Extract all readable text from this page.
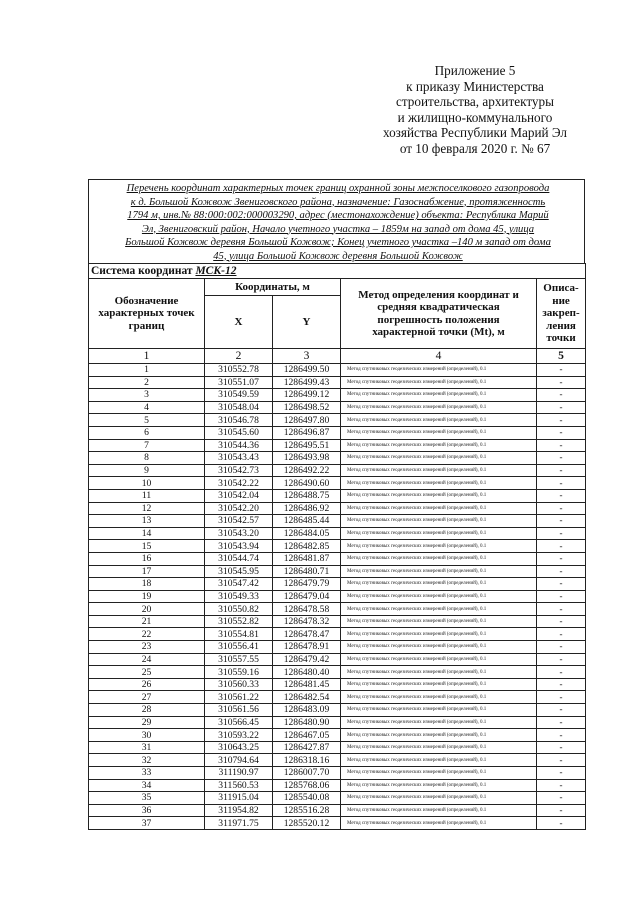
Приложение 5
к приказу Министерства
строительства, архитектуры
и жилищно-коммунального
хозяйства Республики Марий Эл
от 10 февраля 2020 г. № 67
Перечень координат характерных точек границ охранной зоны межпоселкового газопровода
к д. Большой Кожвож Звениговского района, назначение: Газоснабжение, протяженность
1794 м, инв.№ 88:000:002:000003290, адрес (местонахождение) объекта: Республика Марий
Эл, Звениговский район, Начало учетного участка – 1859м на запад от дома 45, улица
Большой Кожвож деревня Большой Кожвож; Конец учетного участка –140 м запад от дома
45, улица Большой Кожвож деревня Большой Кожвож
Система координат МСК-12				
Обозначение характерных точек границ	Координаты, м		Метод определения координат и средняя квадратическая погрешность положения характерной точки (Mt), м	Описа-ние закреп-ления точки
	X	Y		
1	2	3	4	5
1	310552.78	1286499.50	Метод спутниковых геодезических измерений (определений), 0.1	-
2	310551.07	1286499.43	Метод спутниковых геодезических измерений (определений), 0.1	-
3	310549.59	1286499.12	Метод спутниковых геодезических измерений (определений), 0.1	-
4	310548.04	1286498.52	Метод спутниковых геодезических измерений (определений), 0.1	-
5	310546.78	1286497.80	Метод спутниковых геодезических измерений (определений), 0.1	-
6	310545.60	1286496.87	Метод спутниковых геодезических измерений (определений), 0.1	-
7	310544.36	1286495.51	Метод спутниковых геодезических измерений (определений), 0.1	-
8	310543.43	1286493.98	Метод спутниковых геодезических измерений (определений), 0.1	-
9	310542.73	1286492.22	Метод спутниковых геодезических измерений (определений), 0.1	-
10	310542.22	1286490.60	Метод спутниковых геодезических измерений (определений), 0.1	-
11	310542.04	1286488.75	Метод спутниковых геодезических измерений (определений), 0.1	-
12	310542.20	1286486.92	Метод спутниковых геодезических измерений (определений), 0.1	-
13	310542.57	1286485.44	Метод спутниковых геодезических измерений (определений), 0.1	-
14	310543.20	1286484.05	Метод спутниковых геодезических измерений (определений), 0.1	-
15	310543.94	1286482.85	Метод спутниковых геодезических измерений (определений), 0.1	-
16	310544.74	1286481.87	Метод спутниковых геодезических измерений (определений), 0.1	-
17	310545.95	1286480.71	Метод спутниковых геодезических измерений (определений), 0.1	-
18	310547.42	1286479.79	Метод спутниковых геодезических измерений (определений), 0.1	-
19	310549.33	1286479.04	Метод спутниковых геодезических измерений (определений), 0.1	-
20	310550.82	1286478.58	Метод спутниковых геодезических измерений (определений), 0.1	-
21	310552.82	1286478.32	Метод спутниковых геодезических измерений (определений), 0.1	-
22	310554.81	1286478.47	Метод спутниковых геодезических измерений (определений), 0.1	-
23	310556.41	1286478.91	Метод спутниковых геодезических измерений (определений), 0.1	-
24	310557.55	1286479.42	Метод спутниковых геодезических измерений (определений), 0.1	-
25	310559.16	1286480.40	Метод спутниковых геодезических измерений (определений), 0.1	-
26	310560.33	1286481.45	Метод спутниковых геодезических измерений (определений), 0.1	-
27	310561.22	1286482.54	Метод спутниковых геодезических измерений (определений), 0.1	-
28	310561.56	1286483.09	Метод спутниковых геодезических измерений (определений), 0.1	-
29	310566.45	1286480.90	Метод спутниковых геодезических измерений (определений), 0.1	-
30	310593.22	1286467.05	Метод спутниковых геодезических измерений (определений), 0.1	-
31	310643.25	1286427.87	Метод спутниковых геодезических измерений (определений), 0.1	-
32	310794.64	1286318.16	Метод спутниковых геодезических измерений (определений), 0.1	-
33	311190.97	1286007.70	Метод спутниковых геодезических измерений (определений), 0.1	-
34	311560.53	1285768.06	Метод спутниковых геодезических измерений (определений), 0.1	-
35	311915.04	1285540.08	Метод спутниковых геодезических измерений (определений), 0.1	-
36	311954.82	1285516.28	Метод спутниковых геодезических измерений (определений), 0.1	-
37	311971.75	1285520.12	Метод спутниковых геодезических измерений (определений), 0.1	-
